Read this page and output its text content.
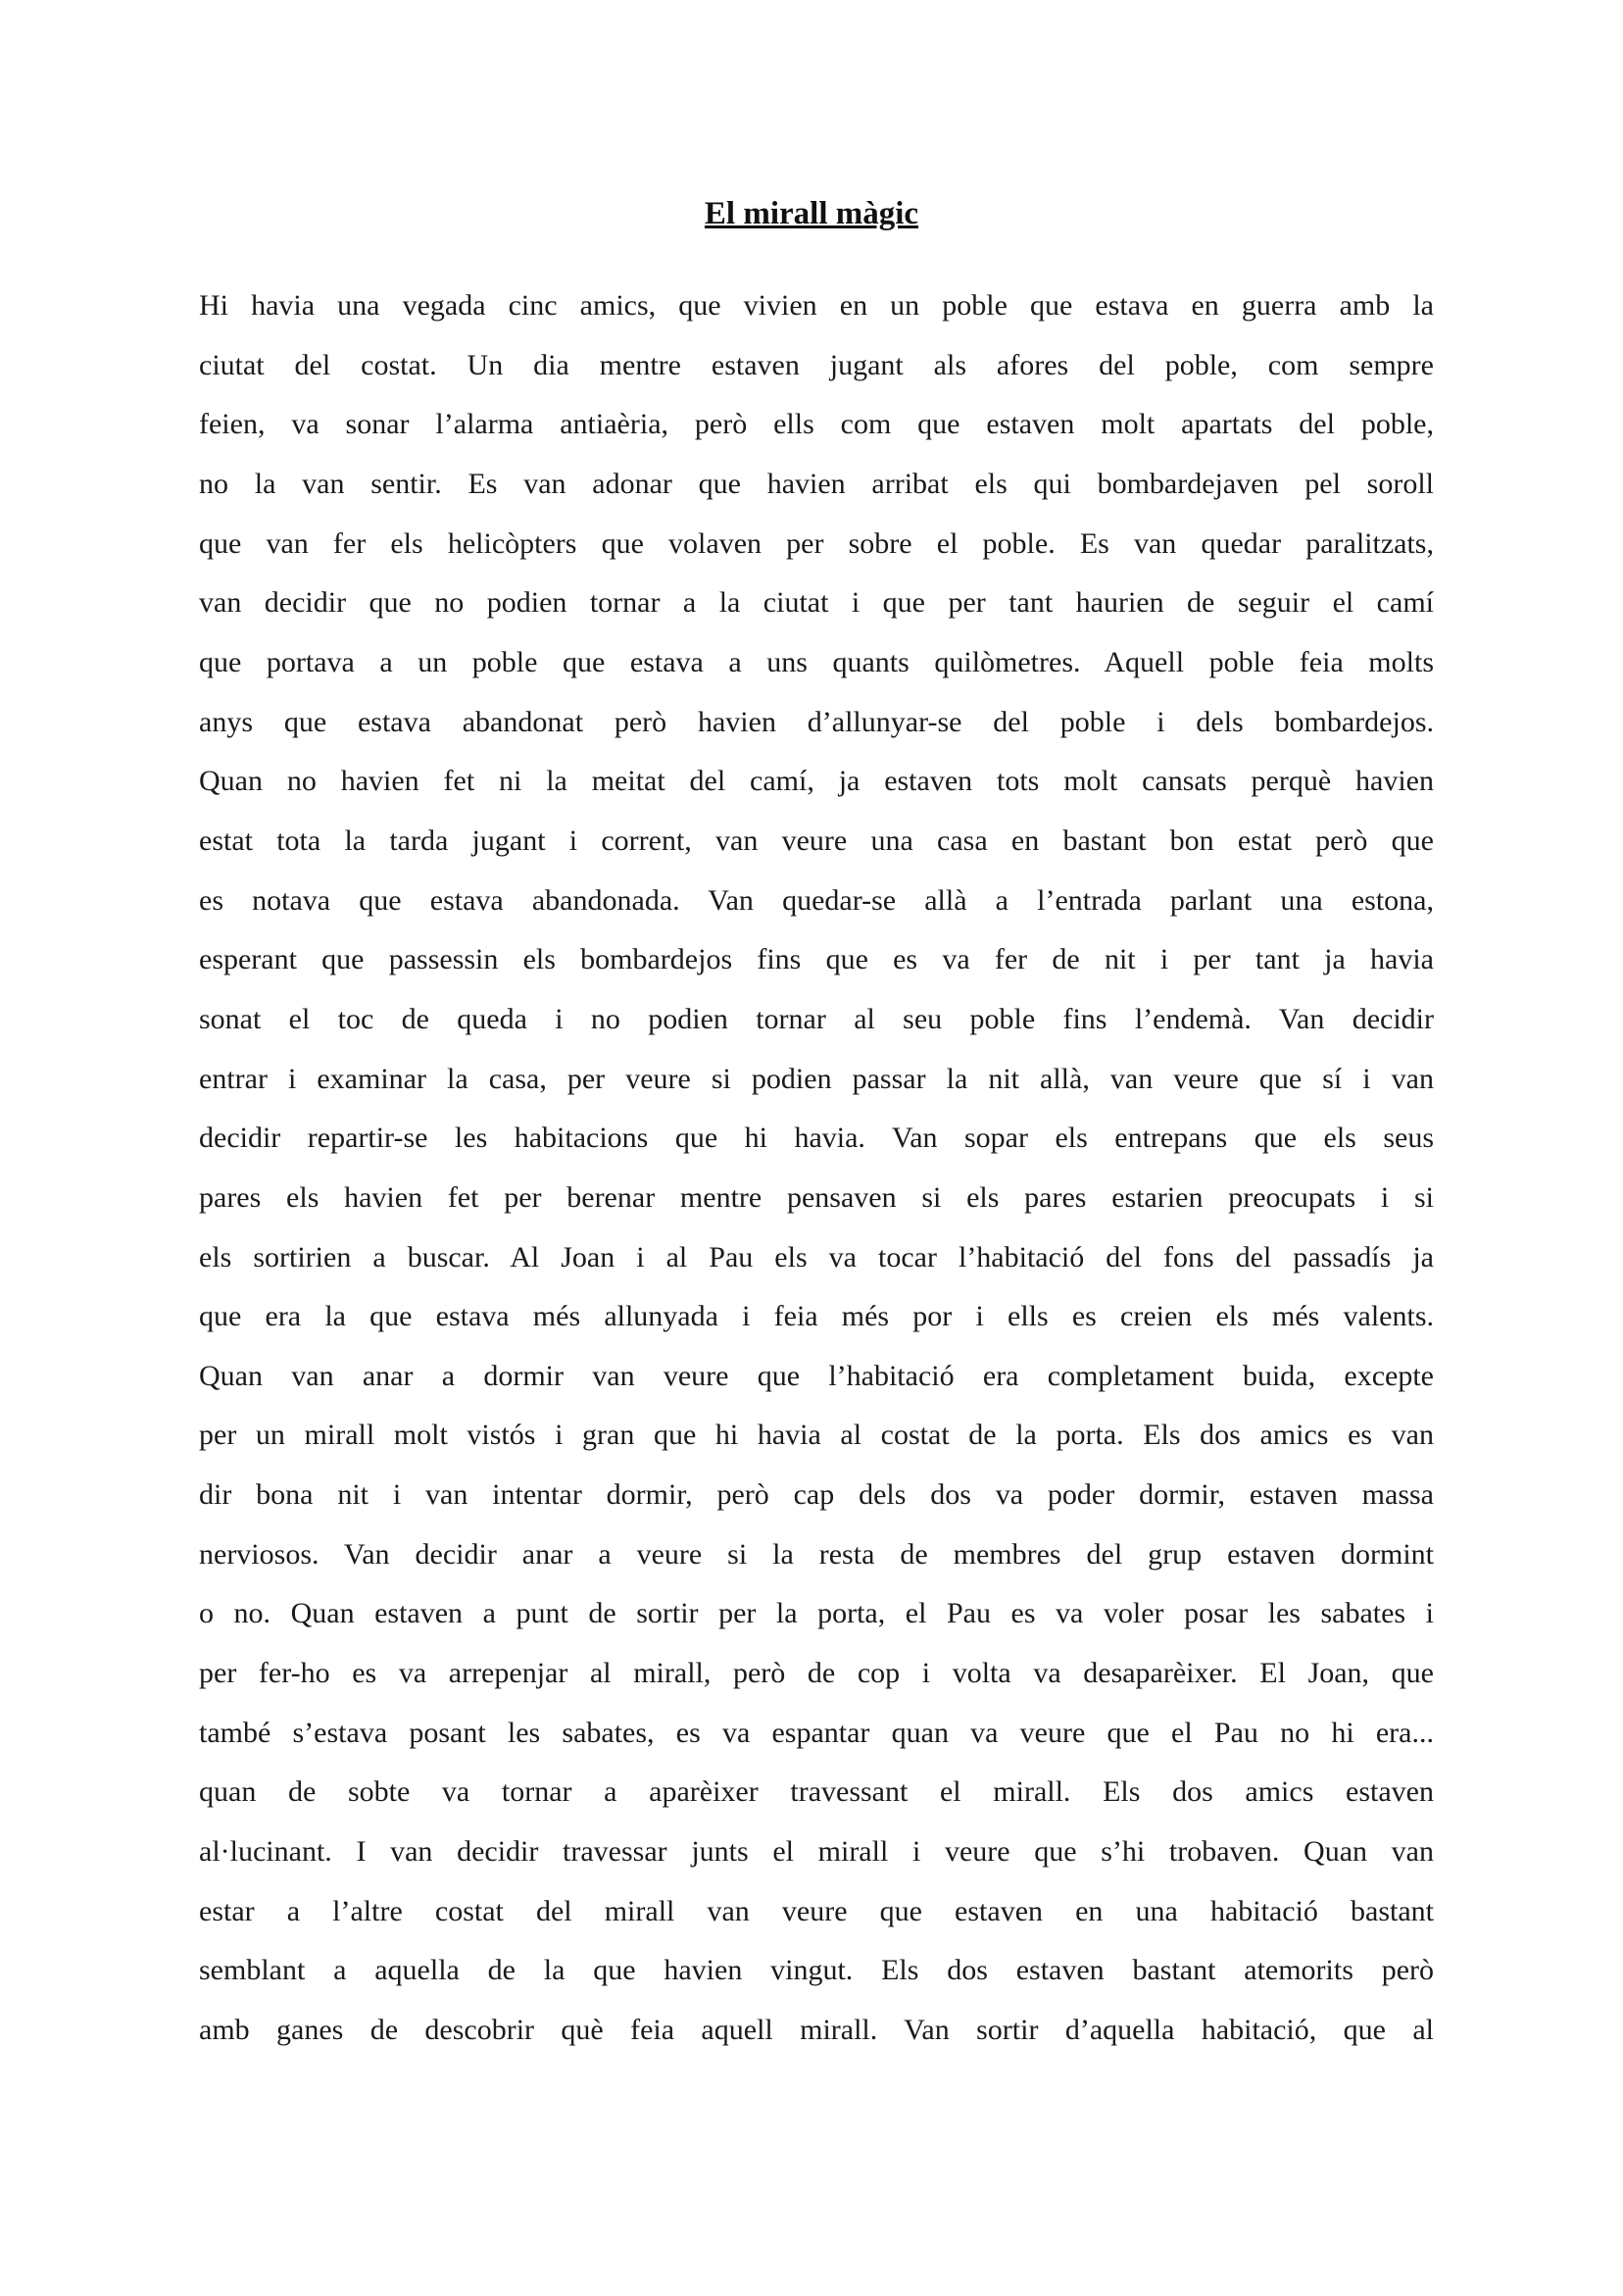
El mirall màgic
Hi havia una vegada cinc amics, que vivien en un poble que estava en guerra amb la
ciutat del costat. Un dia mentre estaven jugant als afores del poble, com sempre
feien, va sonar l’alarma antiaèria, però ells com que estaven molt apartats del poble,
no la van sentir. Es van adonar que havien arribat els qui bombardejaven pel soroll
que van fer els helicòpters que volaven per sobre el poble. Es van quedar paralitzats,
van decidir que no podien tornar a la ciutat i que per tant haurien de seguir el camí
que portava a un poble que estava a uns quants quilòmetres. Aquell poble feia molts
anys que estava abandonat però havien d’allunyar-se del poble i dels bombardejos.
Quan no havien fet ni la meitat del camí, ja estaven tots molt cansats perquè havien
estat tota la tarda jugant i corrent, van veure una casa en bastant bon estat però que
es notava que estava abandonada. Van quedar-se allà a l’entrada parlant una estona,
esperant que passessin els bombardejos fins que es va fer de nit i per tant ja havia
sonat el toc de queda i no podien tornar al seu poble fins l’endemà. Van decidir
entrar i examinar la casa, per veure si podien passar la nit allà, van veure que sí i van
decidir repartir-se les habitacions que hi havia. Van sopar els entrepans que els seus
pares els havien fet per berenar mentre pensaven si els pares estarien preocupats i si
els sortirien a buscar. Al Joan i al Pau els va tocar l’habitació del fons del passadís ja
que era la que estava més allunyada i feia més por i ells es creien els més valents.
Quan van anar a dormir van veure que l’habitació era completament buida, excepte
per un mirall molt vistós i gran que hi havia al costat de la porta. Els dos amics es van
dir bona nit i van intentar dormir, però cap dels dos va poder dormir, estaven massa
nerviosos. Van decidir anar a veure si la resta de membres del grup estaven dormint
o no. Quan estaven a punt de sortir per la porta, el Pau es va voler posar les sabates i
per fer-ho es va arrepenjar al mirall, però de cop i volta va desaparèixer. El Joan, que
també s’estava posant les sabates, es va espantar quan va veure que el Pau no hi era...
quan de sobte va tornar a aparèixer travessant el mirall. Els dos amics estaven
al·lucinant. I van decidir travessar junts el mirall i veure que s’hi trobaven. Quan van
estar a l’altre costat del mirall van veure que estaven en una habitació bastant
semblant a aquella de la que havien vingut. Els dos estaven bastant atemorits però
amb ganes de descobrir què feia aquell mirall. Van sortir d’aquella habitació, que al
